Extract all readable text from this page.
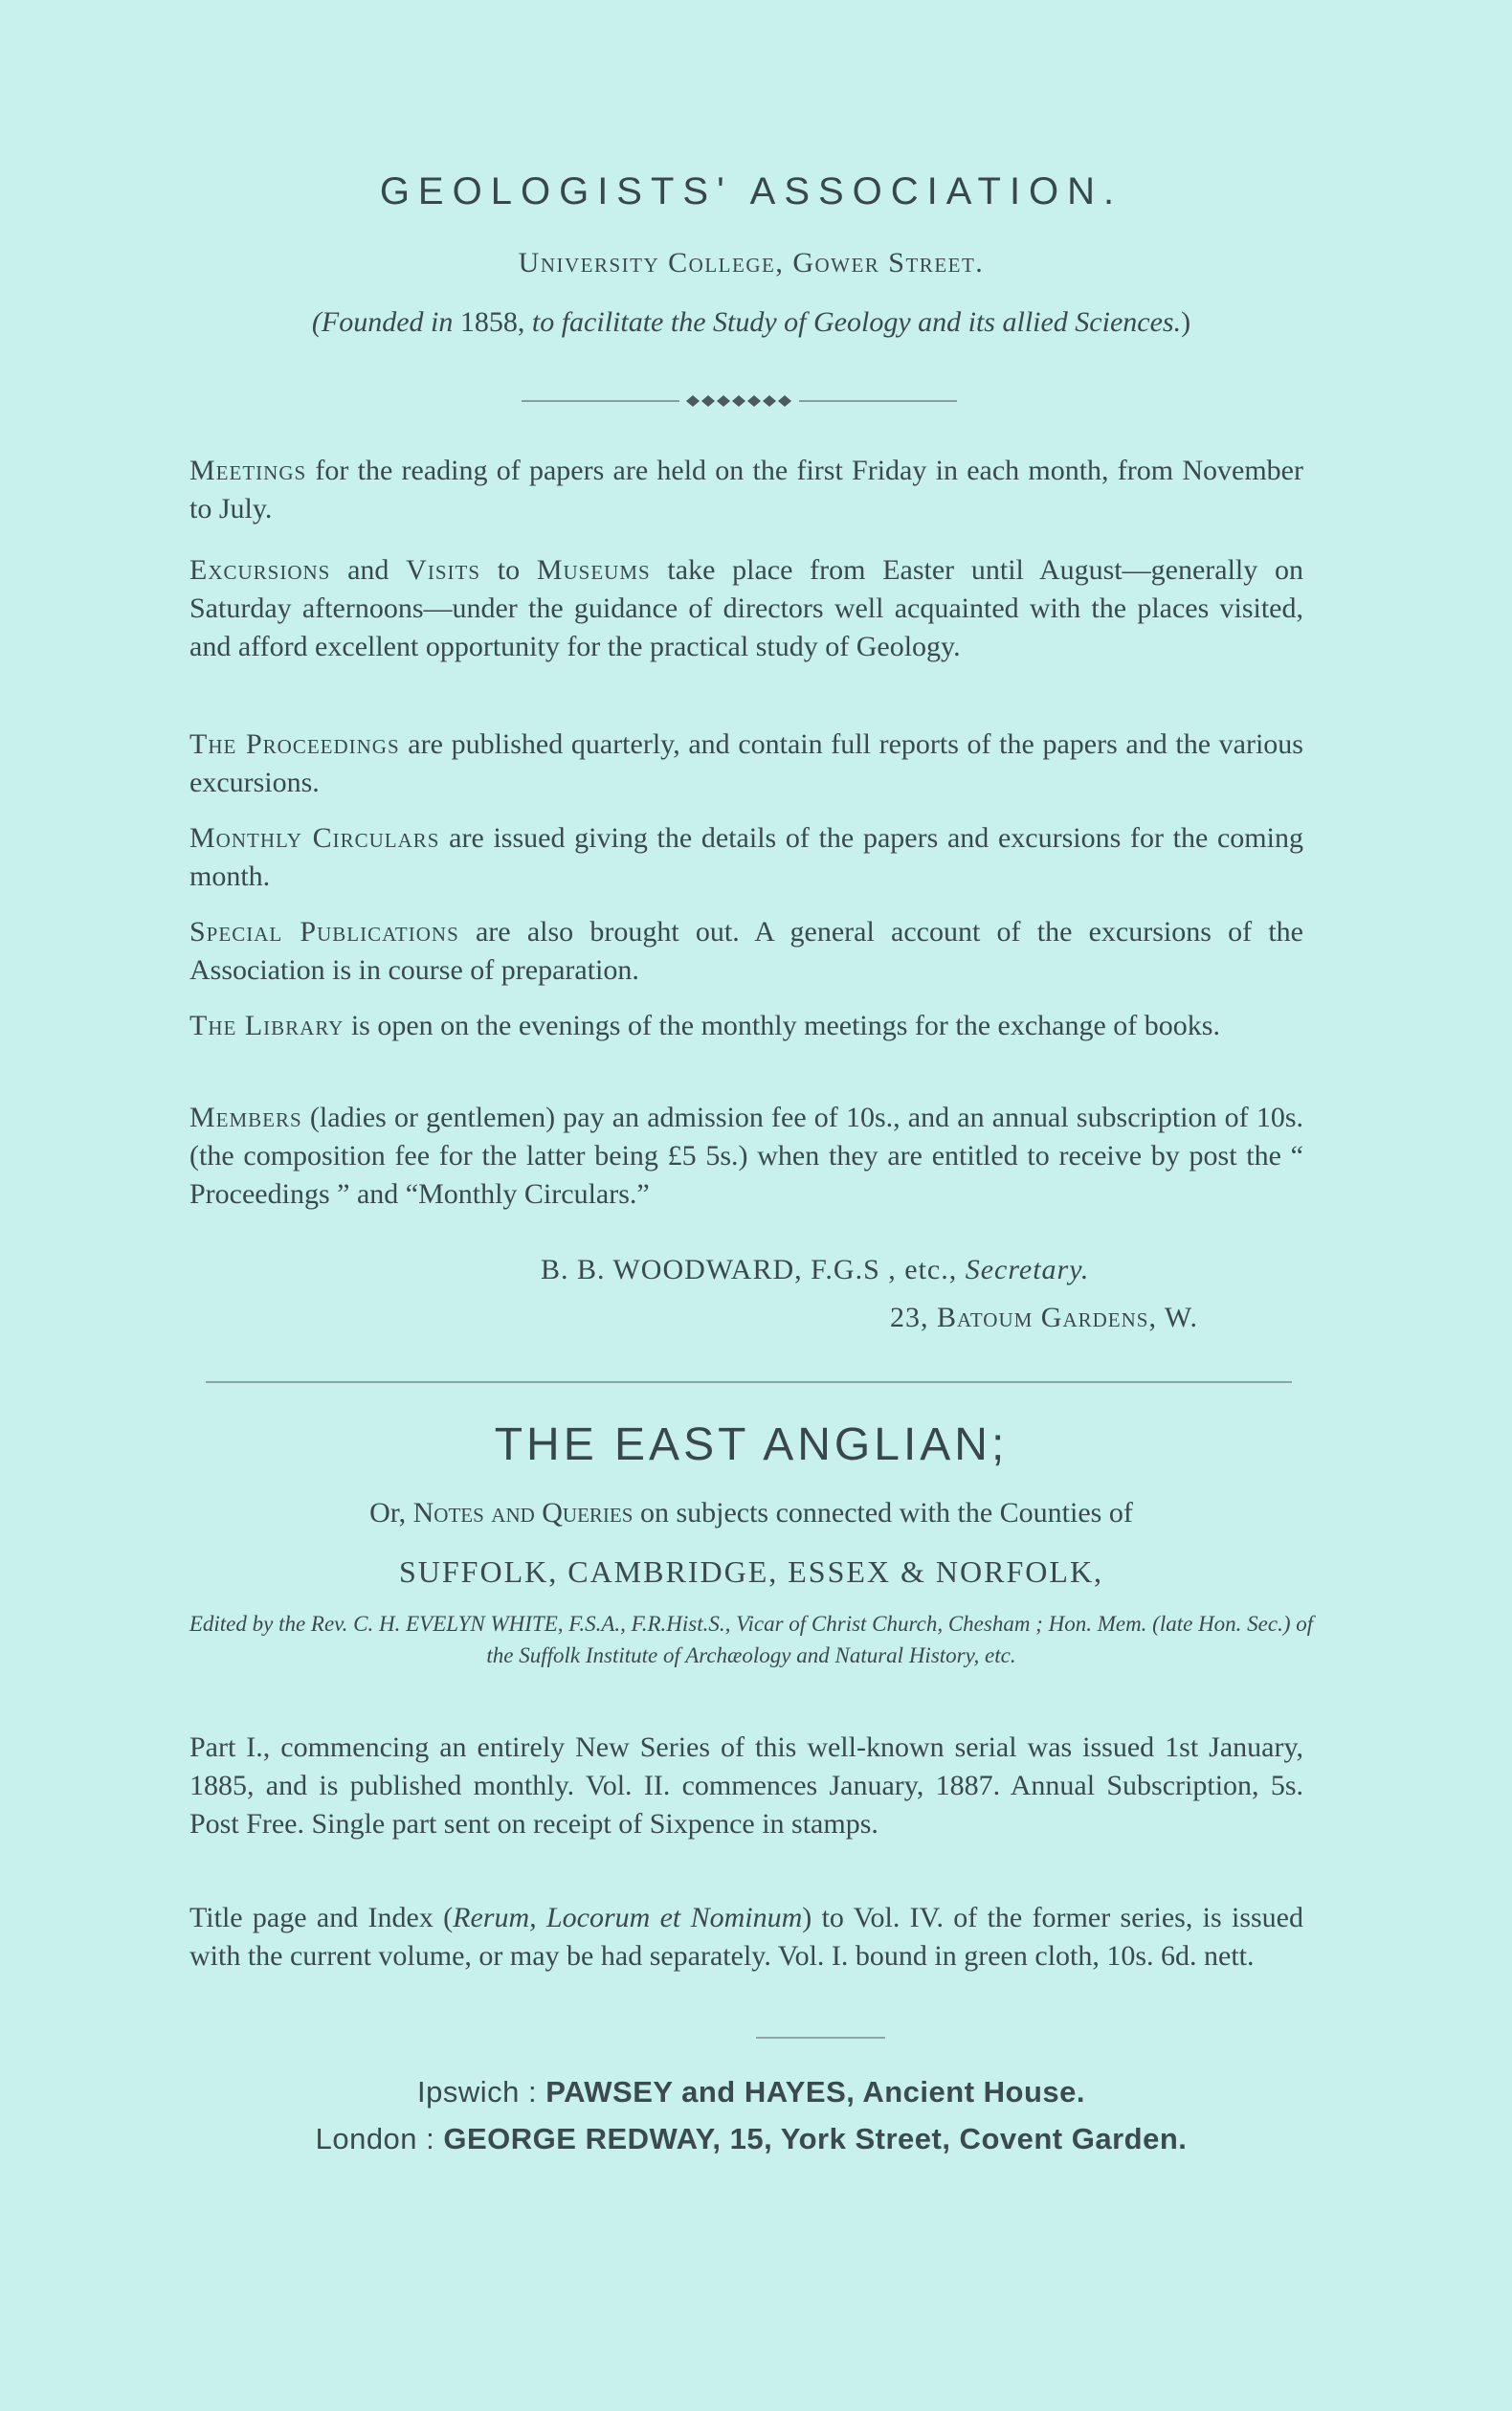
GEOLOGISTS' ASSOCIATION.
University College, Gower Street.
(Founded in 1858, to facilitate the Study of Geology and its allied Sciences.)
Meetings for the reading of papers are held on the first Friday in each month, from November to July.
Excursions and Visits to Museums take place from Easter until August—generally on Saturday afternoons—under the guidance of directors well acquainted with the places visited, and afford excellent opportunity for the practical study of Geology.
The Proceedings are published quarterly, and contain full reports of the papers and the various excursions.
Monthly Circulars are issued giving the details of the papers and excursions for the coming month.
Special Publications are also brought out. A general account of the excursions of the Association is in course of preparation.
The Library is open on the evenings of the monthly meetings for the exchange of books.
Members (ladies or gentlemen) pay an admission fee of 10s., and an annual subscription of 10s. (the composition fee for the latter being £5 5s.) when they are entitled to receive by post the “ Proceedings ” and “Monthly Circulars.”
B. B. WOODWARD, F.G.S , etc., Secretary.
23, Batoum Gardens, W.
THE EAST ANGLIAN;
Or, Notes and Queries on subjects connected with the Counties of
SUFFOLK, CAMBRIDGE, ESSEX & NORFOLK,
Edited by the Rev. C. H. EVELYN WHITE, F.S.A., F.R.Hist.S., Vicar of Christ Church, Chesham ; Hon. Mem. (late Hon. Sec.) of the Suffolk Institute of Archæology and Natural History, etc.
Part I., commencing an entirely New Series of this well-known serial was issued 1st January, 1885, and is published monthly. Vol. II. commences January, 1887. Annual Subscription, 5s. Post Free. Single part sent on receipt of Sixpence in stamps.
Title page and Index (Rerum, Locorum et Nominum) to Vol. IV. of the former series, is issued with the current volume, or may be had separately. Vol. I. bound in green cloth, 10s. 6d. nett.
Ipswich : PAWSEY and HAYES, Ancient House.
London : GEORGE REDWAY, 15, York Street, Covent Garden.
